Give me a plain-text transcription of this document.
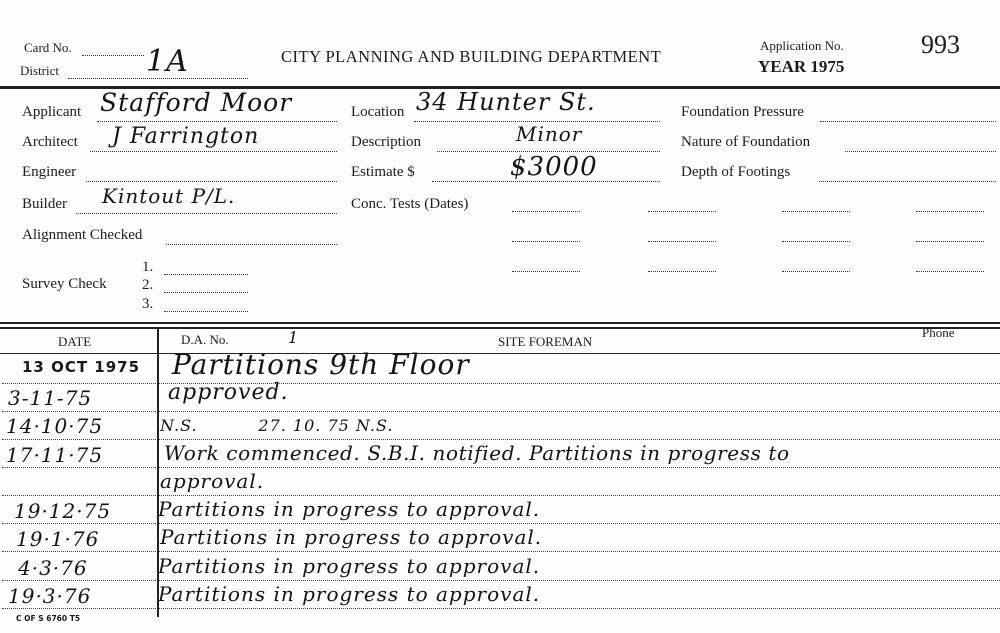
Card No.
District	1A	CITY PLANNING AND BUILDING DEPARTMENT
Application No.
YEAR 1975
993
Applicant Stafford Moor
Architect J Farrington
Engineer
Builder Kintout P/L.
Alignment Checked
Survey Check
1.
2.
3.
Location 34 Hunter St.
Description	Minor
Estimate $	$3000
Conc. Tests (Dates)
Foundation Pressure
Nature of Foundation
Depth of Footings
DATE	D.A. No.	1	SITE FOREMAN
Phone
13 OCT 1975 Partitions 9th Floor
3-11-75	approved.
14·10·75	N.S.          27. 10. 75 N.S.
17·11·75	Work commenced. S.B.I. notified. Partitions in progress to
approval.
19·12·75 Partitions in progress to approval.
19·1·76	Partitions in progress to approval.
4·3·76	Partitions in progress to approval.
19·3·76	Partitions in progress to approval.
C OF S 6760 T5
